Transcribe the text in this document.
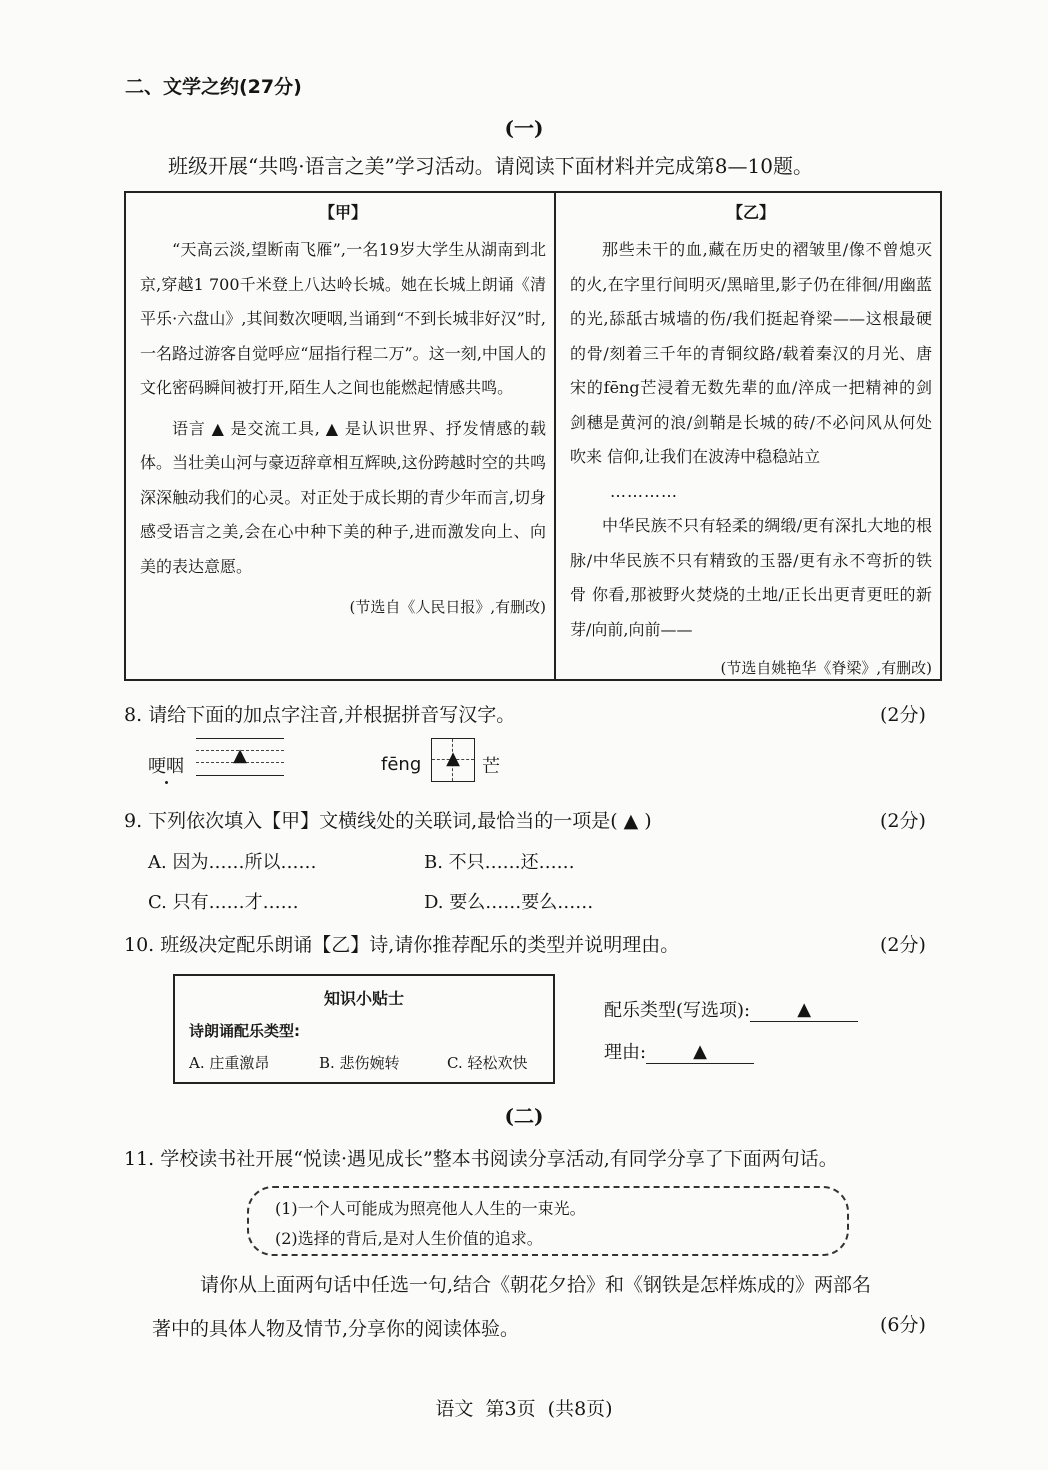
二、文学之约(27分)
(一)
班级开展“共鸣·语言之美”学习活动。请阅读下面材料并完成第8—10题。
【甲】

“天高云淡,望断南飞雁”,一名19岁大学生从湖南到北京,穿越1 700千米登上八达岭长城。她在长城上朗诵《清平乐·六盘山》,其间数次哽咽,当诵到“不到长城非好汉”时,一名路过游客自觉呼应“屈指行程二万”。这一刻,中国人的文化密码瞬间被打开,陌生人之间也能燃起情感共鸣。

语言 ▲ 是交流工具, ▲ 是认识世界、抒发情感的载体。当壮美山河与豪迈辞章相互辉映,这份跨越时空的共鸣深深触动我们的心灵。对正处于成长期的青少年而言,切身感受语言之美,会在心中种下美的种子,进而激发向上、向美的表达意愿。

(节选自《人民日报》,有删改)
【乙】

那些未干的血,藏在历史的褶皱里/像不曾熄灭的火,在字里行间明灭/黑暗里,影子仍在徘徊/用幽蓝的光,舔舐古城墙的伤/我们挺起脊梁——这根最硬的骨/刻着三千年的青铜纹路/载着秦汉的月光、唐宋的fēng芒浸着无数先辈的血/淬成一把精神的剑 剑穗是黄河的浪/剑鞘是长城的砖/不必问风从何处吹来 信仰,让我们在波涛中稳稳站立

…………

中华民族不只有轻柔的绸缎/更有深扎大地的根脉/中华民族不只有精致的玉器/更有永不弯折的铁骨 你看,那被野火焚烧的土地/正长出更青更旺的新芽/向前,向前——

(节选自姚艳华《脊梁》,有删改)
8. 请给下面的加点字注音,并根据拼音写汉字。	(2分)
哽咽
▲	fēng	▲	芒
9. 下列依次填入【甲】文横线处的关联词,最恰当的一项是( ▲ )	(2分)
A. 因为……所以……	B. 不只……还……
C. 只有……才……	D. 要么……要么……
10. 班级决定配乐朗诵【乙】诗,请你推荐配乐的类型并说明理由。	(2分)
知识小贴士
诗朗诵配乐类型:
A. 庄重激昂	B. 悲伤婉转	C. 轻松欢快
配乐类型(写选项):	▲
理由:	▲
(二)
11. 学校读书社开展“悦读·遇见成长”整本书阅读分享活动,有同学分享了下面两句话。
(1)一个人可能成为照亮他人人生的一束光。
(2)选择的背后,是对人生价值的追求。
请你从上面两句话中任选一句,结合《朝花夕拾》和《钢铁是怎样炼成的》两部名
著中的具体人物及情节,分享你的阅读体验。	(6分)
语文  第3页  (共8页)
